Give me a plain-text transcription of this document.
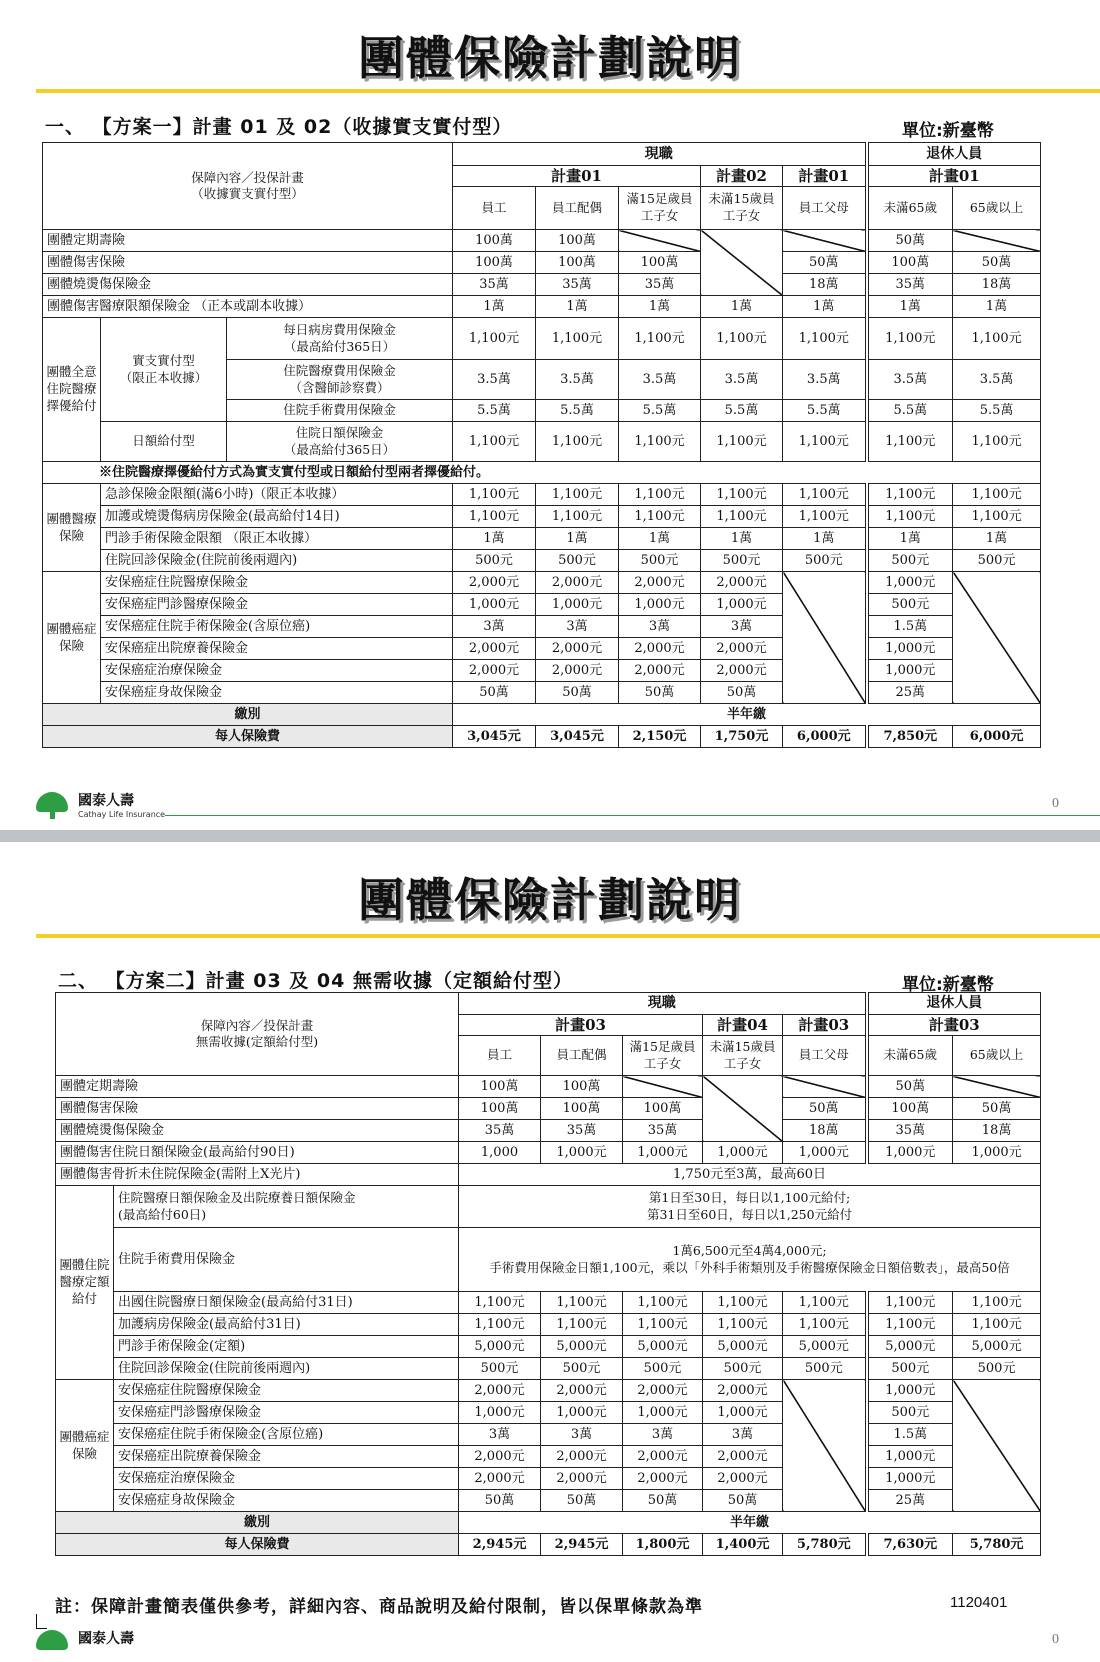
團體保險計劃說明
一、 【方案一】計畫 01 及 02（收據實支實付型）	單位:新臺幣
保障內容／投保計畫
（收據實支實付型）			現職					退休人員	
			計畫01			計畫02	計畫01	計畫01	
			員工	員工配偶	滿15足歲員工子女	未滿15歲員工子女	員工父母	未滿65歲	65歲以上
團體定期壽險			100萬	100萬				50萬	
團體傷害保險			100萬	100萬	100萬		50萬	100萬	50萬
團體燒燙傷保險金			35萬	35萬	35萬		18萬	35萬	18萬
團體傷害醫療限額保險金 （正本或副本收據）			1萬	1萬	1萬	1萬	1萬	1萬	1萬
團體全意住院醫療擇優給付	實支實付型
（限正本收據）	每日病房費用保險金
（最高給付365日）	1,100元	1,100元	1,100元	1,100元	1,100元	1,100元	1,100元
		住院醫療費用保險金
（含醫師診察費）	3.5萬	3.5萬	3.5萬	3.5萬	3.5萬	3.5萬	3.5萬
		住院手術費用保險金	5.5萬	5.5萬	5.5萬	5.5萬	5.5萬	5.5萬	5.5萬
	日額給付型	住院日額保險金
（最高給付365日）	1,100元	1,100元	1,100元	1,100元	1,100元	1,100元	1,100元
※住院醫療擇優給付方式為實支實付型或日額給付型兩者擇優給付。									
團體醫療保險	急診保險金限額(滿6小時)（限正本收據）		1,100元	1,100元	1,100元	1,100元	1,100元	1,100元	1,100元
	加護或燒燙傷病房保險金(最高給付14日)		1,100元	1,100元	1,100元	1,100元	1,100元	1,100元	1,100元
	門診手術保險金限額 （限正本收據）		1萬	1萬	1萬	1萬	1萬	1萬	1萬
	住院回診保險金(住院前後兩週內)		500元	500元	500元	500元	500元	500元	500元
團體癌症保險	安保癌症住院醫療保險金		2,000元	2,000元	2,000元	2,000元		1,000元	
	安保癌症門診醫療保險金		1,000元	1,000元	1,000元	1,000元		500元	
	安保癌症住院手術保險金(含原位癌)		3萬	3萬	3萬	3萬		1.5萬	
	安保癌症出院療養保險金		2,000元	2,000元	2,000元	2,000元		1,000元	
	安保癌症治療保險金		2,000元	2,000元	2,000元	2,000元		1,000元	
	安保癌症身故保險金		50萬	50萬	50萬	50萬		25萬	
繳別			半年繳						
每人保險費			3,045元	3,045元	2,150元	1,750元	6,000元	7,850元	6,000元
國泰人壽
Cathay Life Insurance
0
團體保險計劃說明
二、 【方案二】計畫 03 及 04 無需收據（定額給付型）	單位:新臺幣
保障內容／投保計畫
無需收據(定額給付型)		現職					退休人員	
		計畫03			計畫04	計畫03	計畫03	
		員工	員工配偶	滿15足歲員工子女	未滿15歲員工子女	員工父母	未滿65歲	65歲以上
團體定期壽險		100萬	100萬				50萬	
團體傷害保險		100萬	100萬	100萬		50萬	100萬	50萬
團體燒燙傷保險金		35萬	35萬	35萬		18萬	35萬	18萬
團體傷害住院日額保險金(最高給付90日)		1,000	1,000元	1,000元	1,000元	1,000元	1,000元	1,000元
團體傷害骨折未住院保險金(需附上X光片)		1,750元至3萬，最高60日						
團體住院醫療定額給付	住院醫療日額保險金及出院療養日額保險金
(最高給付60日)	第1日至30日，每日以1,100元給付;
第31日至60日，每日以1,250元給付						
	住院手術費用保險金	1萬6,500元至4萬4,000元;
手術費用保險金日額1,100元，乘以「外科手術類別及手術醫療保險金日額倍數表」，最高50倍						
	出國住院醫療日額保險金(最高給付31日)	1,100元	1,100元	1,100元	1,100元	1,100元	1,100元	1,100元
	加護病房保險金(最高給付31日)	1,100元	1,100元	1,100元	1,100元	1,100元	1,100元	1,100元
	門診手術保險金(定額)	5,000元	5,000元	5,000元	5,000元	5,000元	5,000元	5,000元
	住院回診保險金(住院前後兩週內)	500元	500元	500元	500元	500元	500元	500元
團體癌症保險	安保癌症住院醫療保險金	2,000元	2,000元	2,000元	2,000元		1,000元	
	安保癌症門診醫療保險金	1,000元	1,000元	1,000元	1,000元		500元	
	安保癌症住院手術保險金(含原位癌)	3萬	3萬	3萬	3萬		1.5萬	
	安保癌症出院療養保險金	2,000元	2,000元	2,000元	2,000元		1,000元	
	安保癌症治療保險金	2,000元	2,000元	2,000元	2,000元		1,000元	
	安保癌症身故保險金	50萬	50萬	50萬	50萬		25萬	
繳別		半年繳						
每人保險費		2,945元	2,945元	1,800元	1,400元	5,780元	7,630元	5,780元
註：保障計畫簡表僅供參考，詳細內容、商品說明及給付限制，皆以保單條款為準	1120401
國泰人壽	0
